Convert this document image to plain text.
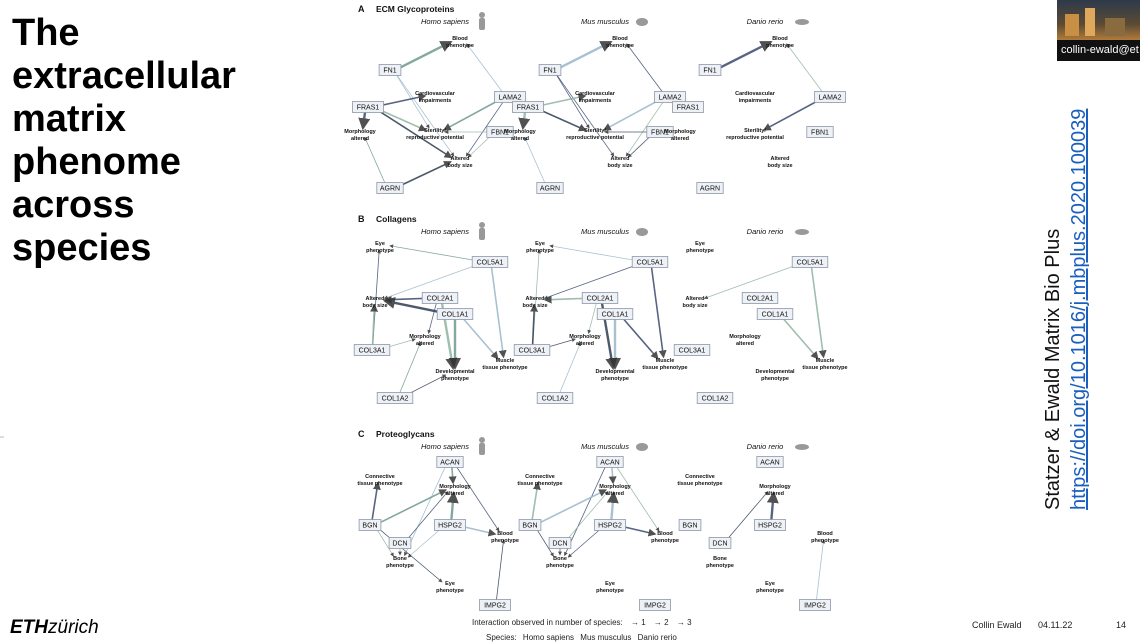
The
extracellular
matrix
phenome
across
species
A ECM Glycoproteins
Homo sapiens
Blood
phenotype
Cardiovascular
impairments
Sterility/
reproductive potential
Morphology
altered
Altered
body size
FN1
FRAS1
LAMA2
FBN1
AGRN
Mus musculus
Blood
phenotype
Cardiovascular
impairments
Sterility/
reproductive potential
Morphology
altered
Altered
body size
FN1
FRAS1
LAMA2
FBN1
AGRN
Danio rerio
Blood
phenotype
Cardiovascular
impairments
Sterility/
reproductive potential
Morphology
altered
Altered
body size
FN1
FRAS1
LAMA2
FBN1
AGRN
B Collagens
Homo sapiens
Eye
phenotype
Altered
body size
Morphology
altered
Developmental
phenotype
Muscle
tissue phenotype
COL5A1
COL2A1
COL1A1
COL3A1
COL1A2
Mus musculus
Eye
phenotype
Altered
body size
Morphology
altered
Developmental
phenotype
Muscle
tissue phenotype
COL5A1
COL2A1
COL1A1
COL3A1
COL1A2
Danio rerio
Eye
phenotype
Altered
body size
Morphology
altered
Developmental
phenotype
Muscle
tissue phenotype
COL5A1
COL2A1
COL1A1
COL3A1
COL1A2
C Proteoglycans
Homo sapiens
Connective
tissue phenotype	Morphology
altered
Blood
phenotype
Bone
phenotype
Eye
phenotype
ACAN
BGN	HSPG2
DCN
IMPG2
Mus musculus
Connective
tissue phenotype	Morphology
altered
Blood
phenotype
Bone
phenotype
Eye
phenotype
ACAN
BGN	HSPG2
DCN
IMPG2
Danio rerio
Connective
tissue phenotype	Morphology
altered
Blood
phenotype
Bone
phenotype
Eye
phenotype
ACAN
BGN	HSPG2
DCN
IMPG2
Statzer & Ewald Matrix Bio Plus https://doi.org/10.1016/j.mbplus.2020.100039
collin-ewald@et
ETHzürich	Interaction observed in number of species: → 1 → 2 → 3
Species: Homo sapiens Mus musculus Danio rerio
Collin Ewald 04.11.22	14
